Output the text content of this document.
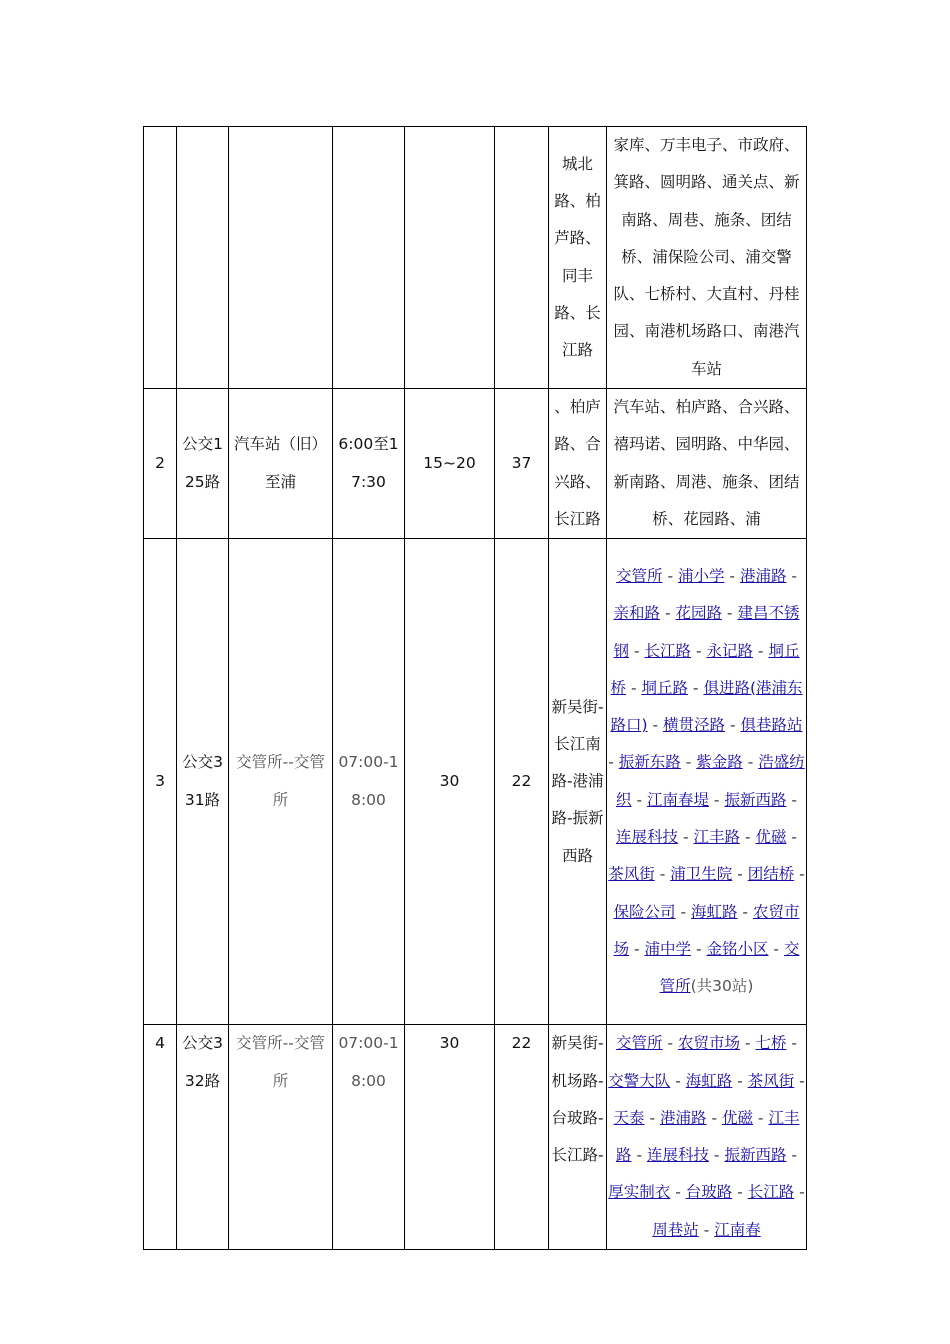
						城北路、柏芦路、同丰路、长江路	家库、万丰电子、市政府、箕路、圆明路、通关点、新南路、周巷、施条、团结桥、浦保险公司、浦交警队、七桥村、大直村、丹桂园、南港机场路口、南港汽车站
2	公交125路	汽车站（旧）至浦	6:00至17:30	15~20	37	、柏庐路、合兴路、长江路	汽车站、柏庐路、合兴路、禧玛诺、园明路、中华园、新南路、周港、施条、团结桥、花园路、浦
3	公交331路	交管所--交管所	07:00-18:00	30	22	新吴街-长江南路-港浦路-振新西路	交管所 - 浦小学 - 港浦路 - 亲和路 - 花园路 - 建昌不锈钢 - 长江路 - 永记路 - 垌丘桥 - 垌丘路 - 俱进路(港浦东路口) - 横贯泾路 - 俱巷路站 - 振新东路 - 紫金路 - 浩盛纺织 - 江南春堤 - 振新西路 - 连展科技 - 江丰路 - 优磁 - 茶风街 - 浦卫生院 - 团结桥 - 保险公司 - 海虹路 - 农贸市场 - 浦中学 - 金铭小区 - 交管所(共30站)
4	公交332路	交管所--交管所	07:00-18:00	30	22	新吴街-机场路-台玻路-长江路-	交管所 - 农贸市场 - 七桥 - 交警大队 - 海虹路 - 茶风街 - 天泰 - 港浦路 - 优磁 - 江丰路 - 连展科技 - 振新西路 - 厚实制衣 - 台玻路 - 长江路 - 周巷站 - 江南春
